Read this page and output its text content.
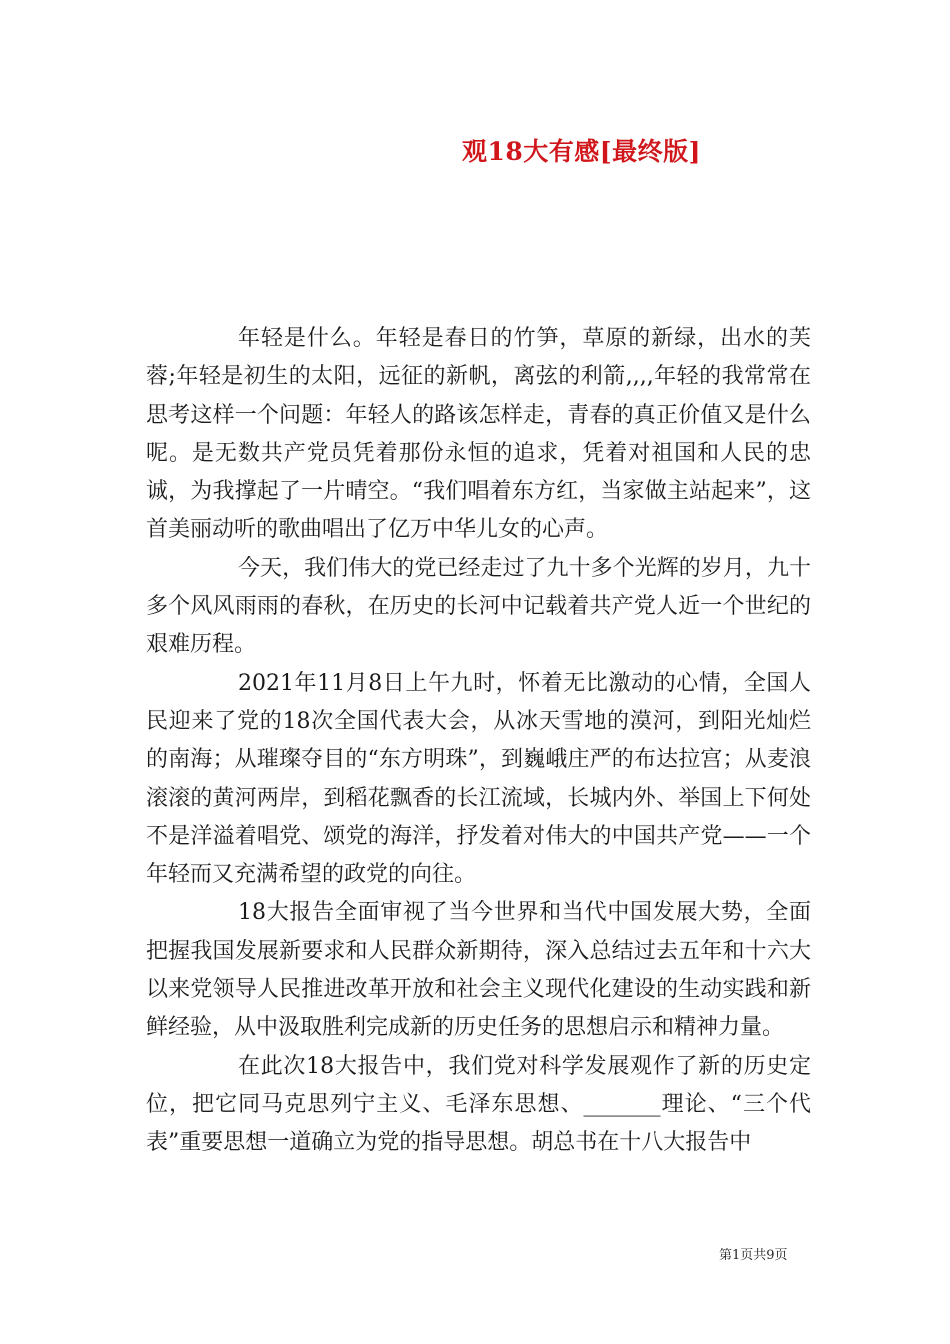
观18大有感[最终版]

年轻是什么。年轻是春日的竹笋，草原的新绿，出水的芙蓉;年轻是初生的太阳，远征的新帆，离弦的利箭,,,,年轻的我常常在思考这样一个问题：年轻人的路该怎样走，青春的真正价值又是什么呢。是无数共产党员凭着那份永恒的追求，凭着对祖国和人民的忠诚，为我撑起了一片晴空。“我们唱着东方红，当家做主站起来”，这首美丽动听的歌曲唱出了亿万中华儿女的心声。

今天，我们伟大的党已经走过了九十多个光辉的岁月，九十多个风风雨雨的春秋，在历史的长河中记载着共产党人近一个世纪的艰难历程。

2021年11月8日上午九时，怀着无比激动的心情，全国人民迎来了党的18次全国代表大会，从冰天雪地的漠河，到阳光灿烂的南海；从璀璨夺目的“东方明珠”，到巍峨庄严的布达拉宫；从麦浪滚滚的黄河两岸，到稻花飘香的长江流域，长城内外、举国上下何处不是洋溢着唱党、颂党的海洋，抒发着对伟大的中国共产党——一个年轻而又充满希望的政党的向往。

18大报告全面审视了当今世界和当代中国发展大势，全面把握我国发展新要求和人民群众新期待，深入总结过去五年和十六大以来党领导人民推进改革开放和社会主义现代化建设的生动实践和新鲜经验，从中汲取胜利完成新的历史任务的思想启示和精神力量。

在此次18大报告中，我们党对科学发展观作了新的历史定位，把它同马克思列宁主义、毛泽东思想、_______理论、“三个代表”重要思想一道确立为党的指导思想。胡总书在十八大报告中

第1页共9页
